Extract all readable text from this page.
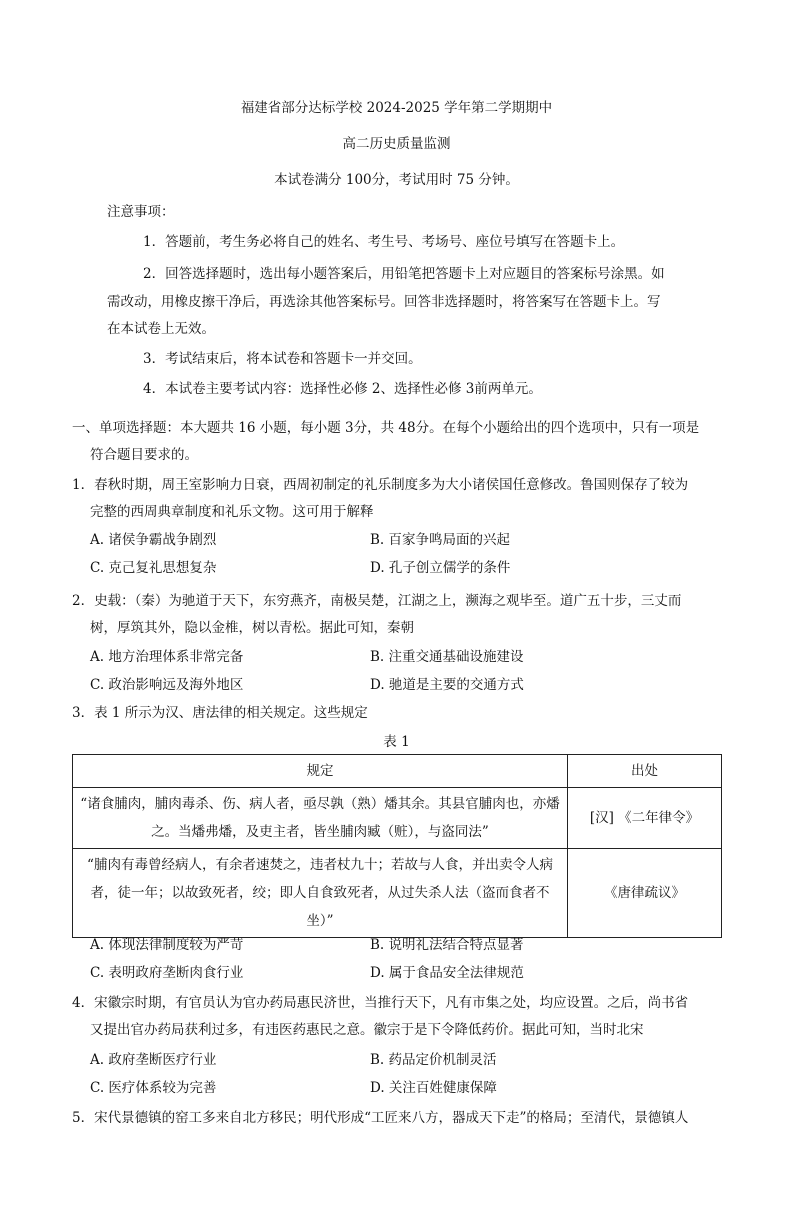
福建省部分达标学校 2024-2025 学年第二学期期中
高二历史质量监测
本试卷满分 100分，考试用时 75 分钟。
注意事项：
1．答题前，考生务必将自己的姓名、考生号、考场号、座位号填写在答题卡上。
2．回答选择题时，选出每小题答案后，用铅笔把答题卡上对应题目的答案标号涂黑。如
需改动，用橡皮擦干净后，再选涂其他答案标号。回答非选择题时，将答案写在答题卡上。写
在本试卷上无效。
3．考试结束后，将本试卷和答题卡一并交回。
4．本试卷主要考试内容：选择性必修 2、选择性必修 3前两单元。
一、单项选择题：本大题共 16 小题，每小题 3分，共 48分。在每个小题给出的四个选项中，只有一项是
符合题目要求的。
1．春秋时期，周王室影响力日衰，西周初制定的礼乐制度多为大小诸侯国任意修改。鲁国则保存了较为
完整的西周典章制度和礼乐文物。这可用于解释
A. 诸侯争霸战争剧烈	B. 百家争鸣局面的兴起
C. 克己复礼思想复杂	D. 孔子创立儒学的条件
2．史载：（秦）为驰道于天下，东穷燕齐，南极吴楚，江湖之上，濒海之观毕至。道广五十步，三丈而
树，厚筑其外，隐以金椎，树以青松。据此可知，秦朝
A. 地方治理体系非常完备	B. 注重交通基础设施建设
C. 政治影响远及海外地区	D. 驰道是主要的交通方式
3．表 1 所示为汉、唐法律的相关规定。这些规定
表 1
规定	出处
“诸食脯肉，脯肉毒杀、伤、病人者，亟尽孰（熟）燔其余。其县官脯肉也，亦燔之。当燔弗燔，及吏主者，皆坐脯肉臧（赃），与盗同法”	[汉] 《二年律令》
“脯肉有毒曾经病人，有余者速焚之，违者杖九十；若故与人食，并出卖令人病者，徒一年；以故致死者，绞；即人自食致死者，从过失杀人法（盗而食者不坐）”	《唐律疏议》
A. 体现法律制度较为严苛	B. 说明礼法结合特点显著
C. 表明政府垄断肉食行业	D. 属于食品安全法律规范
4．宋徽宗时期，有官员认为官办药局惠民济世，当推行天下，凡有市集之处，均应设置。之后，尚书省
又提出官办药局获利过多，有违医药惠民之意。徽宗于是下令降低药价。据此可知，当时北宋
A. 政府垄断医疗行业	B. 药品定价机制灵活
C. 医疗体系较为完善	D. 关注百姓健康保障
5．宋代景德镇的窑工多来自北方移民；明代形成“工匠来八方，器成天下走”的格局；至清代，景德镇人
